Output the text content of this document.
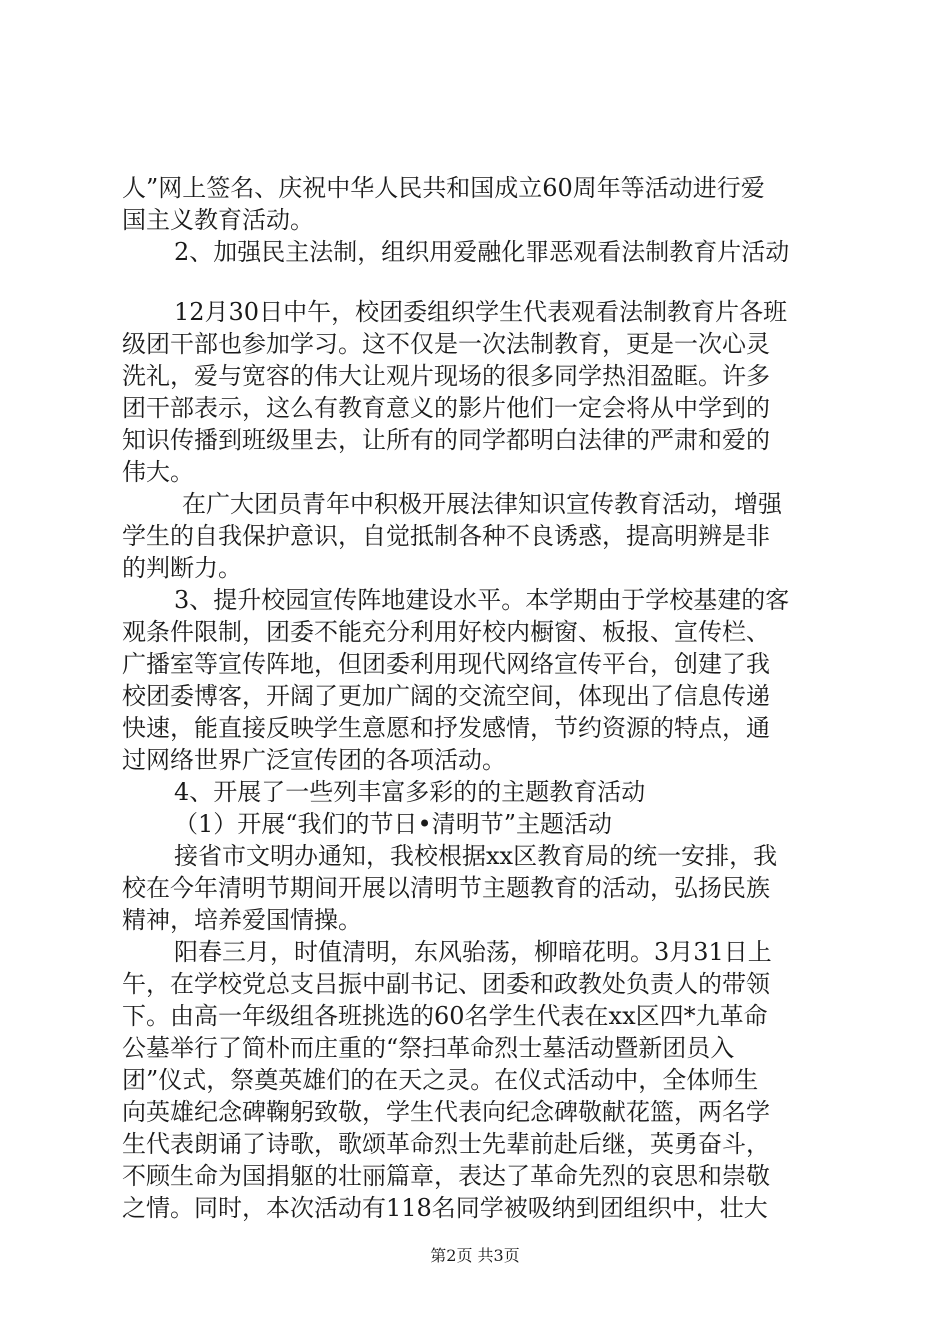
人”网上签名、庆祝中华人民共和国成立60周年等活动进行爱
国主义教育活动。
2、加强民主法制，组织用爱融化罪恶观看法制教育片活动
12月30日中午，校团委组织学生代表观看法制教育片各班
级团干部也参加学习。这不仅是一次法制教育，更是一次心灵
洗礼，爱与宽容的伟大让观片现场的很多同学热泪盈眶。许多
团干部表示，这么有教育意义的影片他们一定会将从中学到的
知识传播到班级里去，让所有的同学都明白法律的严肃和爱的
伟大。
在广大团员青年中积极开展法律知识宣传教育活动，增强
学生的自我保护意识，自觉抵制各种不良诱惑，提高明辨是非
的判断力。
3、提升校园宣传阵地建设水平。本学期由于学校基建的客
观条件限制，团委不能充分利用好校内橱窗、板报、宣传栏、
广播室等宣传阵地，但团委利用现代网络宣传平台，创建了我
校团委博客，开阔了更加广阔的交流空间，体现出了信息传递
快速，能直接反映学生意愿和抒发感情，节约资源的特点，通
过网络世界广泛宣传团的各项活动。
4、开展了一些列丰富多彩的的主题教育活动
（1）开展“我们的节日•清明节”主题活动
接省市文明办通知，我校根据xx区教育局的统一安排，我
校在今年清明节期间开展以清明节主题教育的活动，弘扬民族
精神，培养爱国情操。
阳春三月，时值清明，东风骀荡，柳暗花明。3月31日上
午，在学校党总支吕振中副书记、团委和政教处负责人的带领
下。由高一年级组各班挑选的60名学生代表在xx区四*九革命
公墓举行了简朴而庄重的“祭扫革命烈士墓活动暨新团员入
团”仪式，祭奠英雄们的在天之灵。在仪式活动中，全体师生
向英雄纪念碑鞠躬致敬，学生代表向纪念碑敬献花篮，两名学
生代表朗诵了诗歌，歌颂革命烈士先辈前赴后继，英勇奋斗，
不顾生命为国捐躯的壮丽篇章，表达了革命先烈的哀思和崇敬
之情。同时，本次活动有118名同学被吸纳到团组织中，壮大
第2页 共3页
